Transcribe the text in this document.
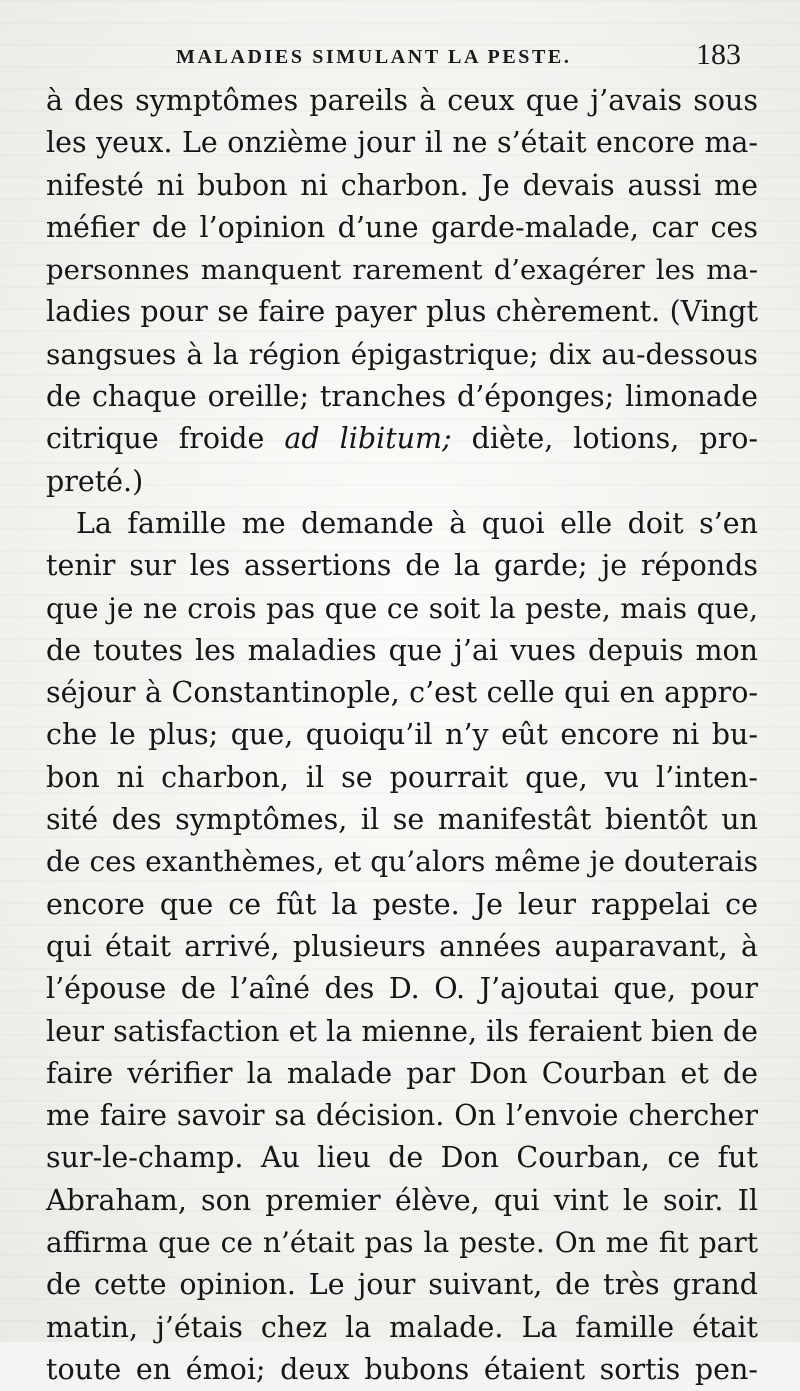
MALADIES SIMULANT LA PESTE.	183
à des symptômes pareils à ceux que j’avais sous
les yeux. Le onzième jour il ne s’était encore ma-
nifesté ni bubon ni charbon. Je devais aussi me
méfier de l’opinion d’une garde-malade, car ces
personnes manquent rarement d’exagérer les ma-
ladies pour se faire payer plus chèrement. (Vingt
sangsues à la région épigastrique; dix au-dessous
de chaque oreille; tranches d’éponges; limonade
citrique froide ad libitum; diète, lotions, pro-
preté.)
La famille me demande à quoi elle doit s’en
tenir sur les assertions de la garde; je réponds
que je ne crois pas que ce soit la peste, mais que,
de toutes les maladies que j’ai vues depuis mon
séjour à Constantinople, c’est celle qui en appro-
che le plus; que, quoiqu’il n’y eût encore ni bu-
bon ni charbon, il se pourrait que, vu l’inten-
sité des symptômes, il se manifestât bientôt un
de ces exanthèmes, et qu’alors même je douterais
encore que ce fût la peste. Je leur rappelai ce
qui était arrivé, plusieurs années auparavant, à
l’épouse de l’aîné des D. O. J’ajoutai que, pour
leur satisfaction et la mienne, ils feraient bien de
faire vérifier la malade par Don Courban et de
me faire savoir sa décision. On l’envoie chercher
sur-le-champ. Au lieu de Don Courban, ce fut
Abraham, son premier élève, qui vint le soir. Il
affirma que ce n’était pas la peste. On me fit part
de cette opinion. Le jour suivant, de très grand
matin, j’étais chez la malade. La famille était
toute en émoi; deux bubons étaient sortis pen-
